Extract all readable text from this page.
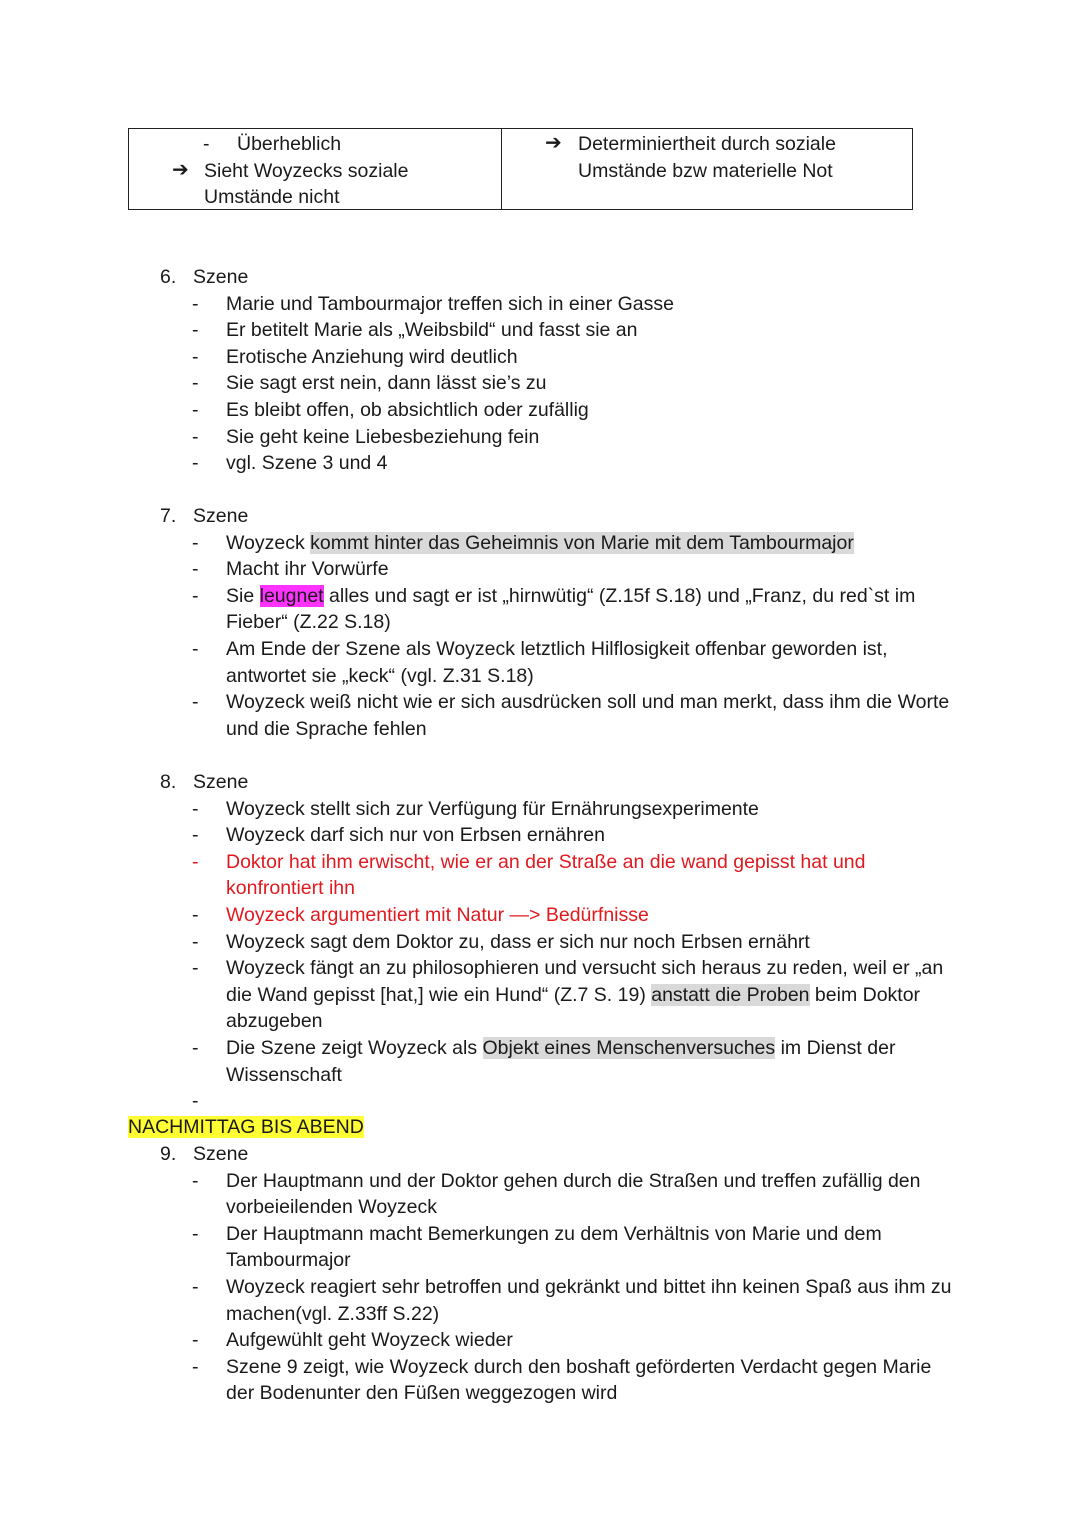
- Überheblich
➔ Sieht Woyzecks soziale
Umstände nicht
➔ Determiniertheit durch soziale
Umstände bzw materielle Not
6. Szene
- Marie und Tambourmajor treffen sich in einer Gasse
- Er betitelt Marie als „Weibsbild“ und fasst sie an
- Erotische Anziehung wird deutlich
- Sie sagt erst nein, dann lässt sie’s zu
- Es bleibt offen, ob absichtlich oder zufällig
- Sie geht keine Liebesbeziehung fein
- vgl. Szene 3 und 4
7. Szene
- Woyzeck kommt hinter das Geheimnis von Marie mit dem Tambourmajor
- Macht ihr Vorwürfe
- Sie leugnet alles und sagt er ist „hirnwütig“ (Z.15f S.18) und „Franz, du red`st im Fieber“ (Z.22 S.18)
- Am Ende der Szene als Woyzeck letztlich Hilflosigkeit offenbar geworden ist, antwortet sie „keck“ (vgl. Z.31 S.18)
- Woyzeck weiß nicht wie er sich ausdrücken soll und man merkt, dass ihm die Worte und die Sprache fehlen
8. Szene
- Woyzeck stellt sich zur Verfügung für Ernährungsexperimente
- Woyzeck darf sich nur von Erbsen ernähren
- Doktor hat ihm erwischt, wie er an der Straße an die wand gepisst hat und konfrontiert ihn
- Woyzeck argumentiert mit Natur —> Bedürfnisse
- Woyzeck sagt dem Doktor zu, dass er sich nur noch Erbsen ernährt
- Woyzeck fängt an zu philosophieren und versucht sich heraus zu reden, weil er „an die Wand gepisst [hat,] wie ein Hund“ (Z.7 S. 19) anstatt die Proben beim Doktor abzugeben
- Die Szene zeigt Woyzeck als Objekt eines Menschenversuches im Dienst der Wissenschaft
-
NACHMITTAG BIS ABEND
9. Szene
- Der Hauptmann und der Doktor gehen durch die Straßen und treffen zufällig den vorbeieilenden Woyzeck
- Der Hauptmann macht Bemerkungen zu dem Verhältnis von Marie und dem Tambourmajor
- Woyzeck reagiert sehr betroffen und gekränkt und bittet ihn keinen Spaß aus ihm zu machen(vgl. Z.33ff S.22)
- Aufgewühlt geht Woyzeck wieder
- Szene 9 zeigt, wie Woyzeck durch den boshaft geförderten Verdacht gegen Marie der Bodenunter den Füßen weggezogen wird
